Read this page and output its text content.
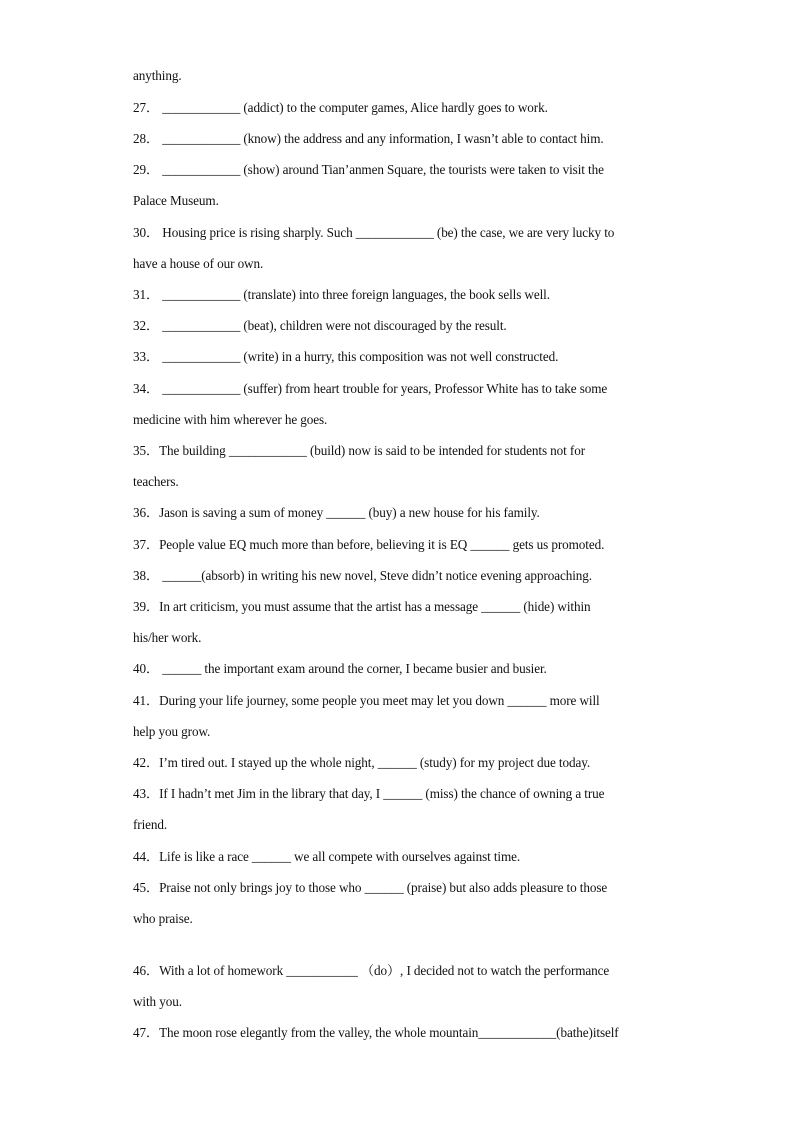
anything.
27． ____________ (addict) to the computer games, Alice hardly goes to work.
28． ____________ (know) the address and any information, I wasn’t able to contact him.
29． ____________ (show) around Tian’anmen Square, the tourists were taken to visit the
Palace Museum.
30． Housing price is rising sharply. Such ____________ (be) the case, we are very lucky to
have a house of our own.
31． ____________ (translate) into three foreign languages, the book sells well.
32． ____________ (beat), children were not discouraged by the result.
33． ____________ (write) in a hurry, this composition was not well constructed.
34． ____________ (suffer) from heart trouble for years, Professor White has to take some
medicine with him wherever he goes.
35．The building ____________ (build) now is said to be intended for students not for
teachers.
36．Jason is saving a sum of money ______ (buy) a new house for his family.
37．People value EQ much more than before, believing it is EQ ______ gets us promoted.
38． ______(absorb) in writing his new novel, Steve didn’t notice evening approaching.
39．In art criticism, you must assume that the artist has a message ______ (hide) within
his/her work.
40． ______ the important exam around the corner, I became busier and busier.
41．During your life journey, some people you meet may let you down ______ more will
help you grow.
42．I’m tired out. I stayed up the whole night, ______ (study) for my project due today.
43．If I hadn’t met Jim in the library that day, I ______ (miss) the chance of owning a true
friend.
44．Life is like a race ______ we all compete with ourselves against time.
45．Praise not only brings joy to those who ______ (praise) but also adds pleasure to those
who praise.
46．With a lot of homework ___________ （do）, I decided not to watch the performance
with you.
47．The moon rose elegantly from the valley, the whole mountain____________(bathe)itself
